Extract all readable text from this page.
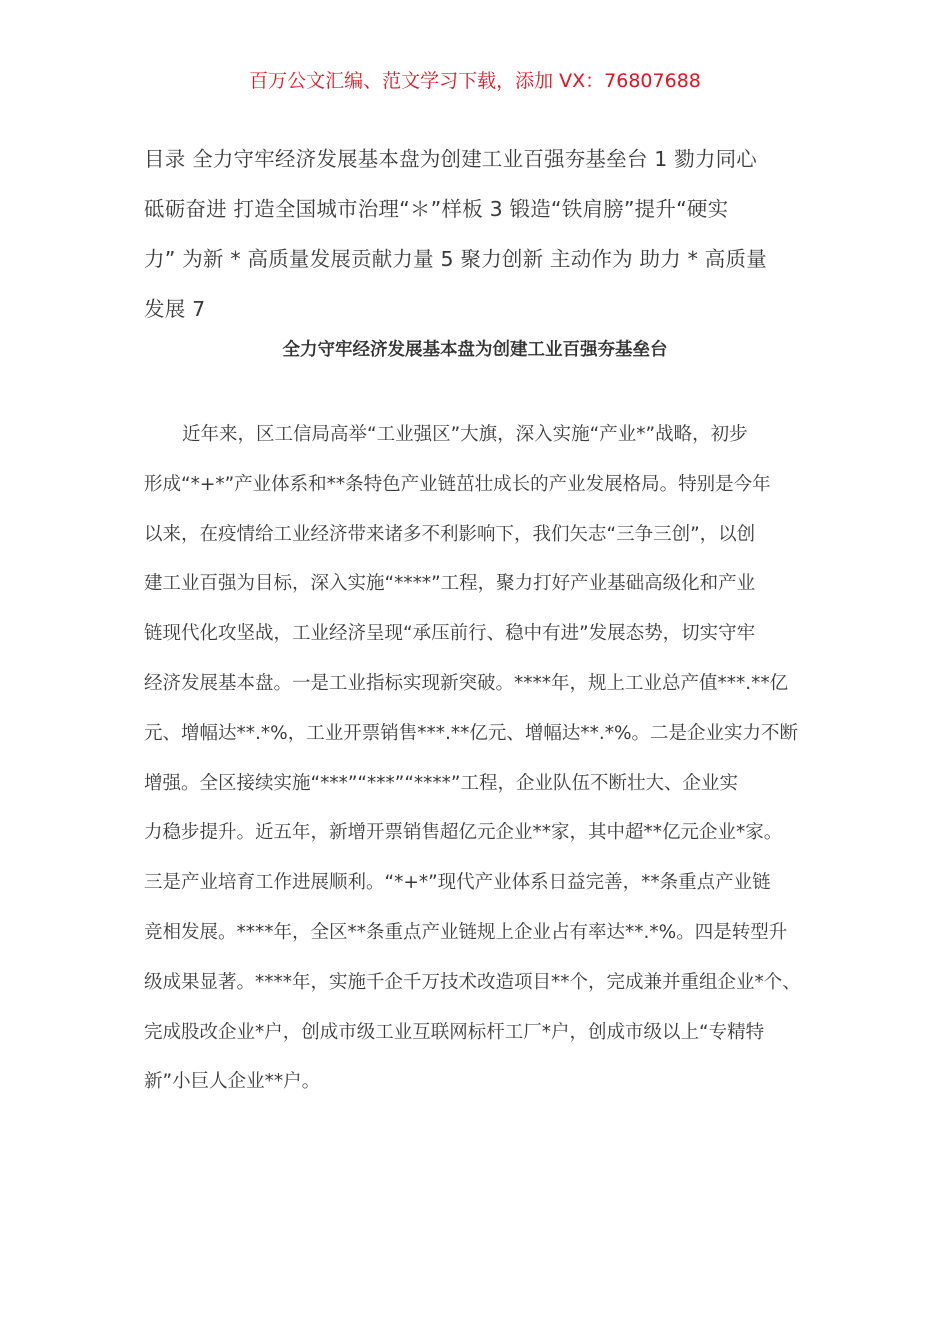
百万公文汇编、范文学习下载，添加 VX：76807688
目录 全力守牢经济发展基本盘为创建工业百强夯基垒台 1 勠力同心
砥砺奋进 打造全国城市治理“＊”样板 3 锻造“铁肩膀”提升“硬实
力” 为新 * 高质量发展贡献力量 5 聚力创新 主动作为 助力 * 高质量
发展 7
全力守牢经济发展基本盘为创建工业百强夯基垒台
近年来，区工信局高举“工业强区”大旗，深入实施“产业*”战略，初步
形成“*+*”产业体系和**条特色产业链茁壮成长的产业发展格局。特别是今年
以来，在疫情给工业经济带来诸多不利影响下，我们矢志“三争三创”，以创
建工业百强为目标，深入实施“****”工程，聚力打好产业基础高级化和产业
链现代化攻坚战，工业经济呈现“承压前行、稳中有进”发展态势，切实守牢
经济发展基本盘。一是工业指标实现新突破。****年，规上工业总产值***.**亿
元、增幅达**.*%，工业开票销售***.**亿元、增幅达**.*%。二是企业实力不断
增强。全区接续实施“***”“***”“****”工程，企业队伍不断壮大、企业实
力稳步提升。近五年，新增开票销售超亿元企业**家，其中超**亿元企业*家。
三是产业培育工作进展顺利。“*+*”现代产业体系日益完善，**条重点产业链
竞相发展。****年，全区**条重点产业链规上企业占有率达**.*%。四是转型升
级成果显著。****年，实施千企千万技术改造项目**个，完成兼并重组企业*个、
完成股改企业*户，创成市级工业互联网标杆工厂*户，创成市级以上“专精特
新”小巨人企业**户。
